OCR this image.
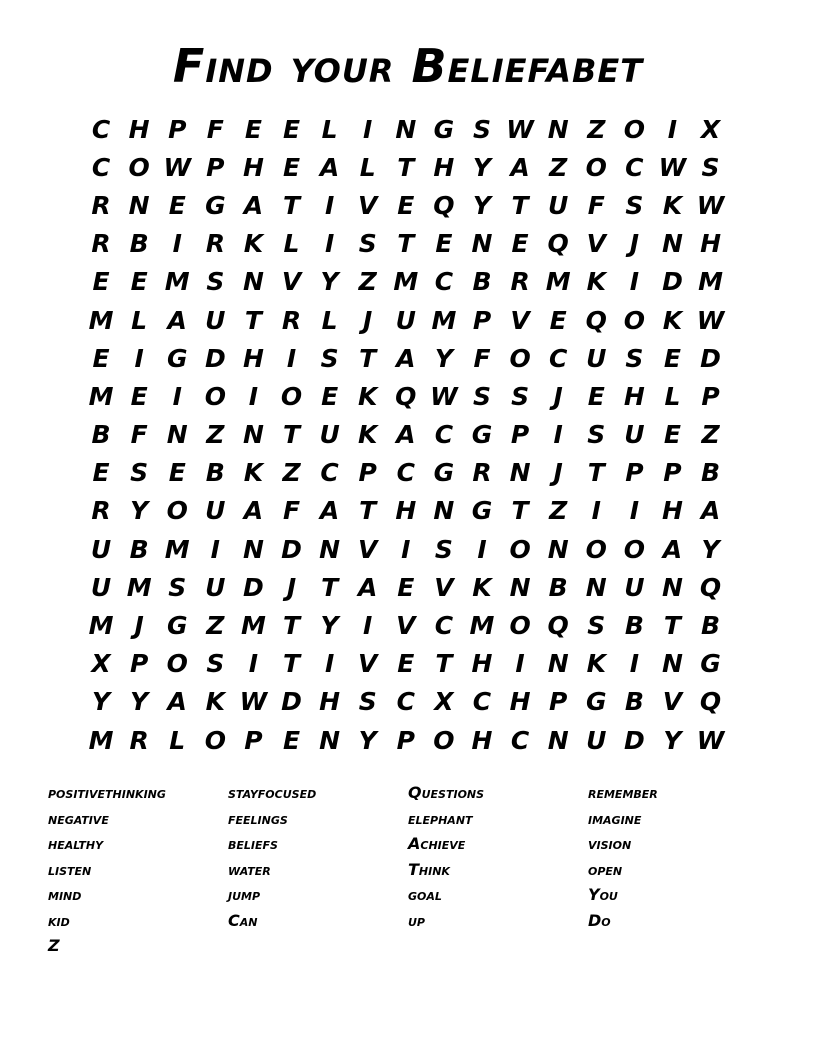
Find your Beliefabet
C H P F E E L	I N G S W N Z O I X
C O W P H E A L T H Y A Z O C W S
R N E G A T I V E Q Y T U F S K W
R B I R K L	I S T E N E Q V J N H
E E M S N V Y Z M C B R M K I D M
M L A U T R L	J U M P V E Q O K W
E I G D H I S T A Y F O C U S E D
M E I O I O E K Q W S S J E H L P
B F N Z N T U K A C G P I S U E Z
E S E B K Z C P C G R N J T P P B
R Y O U A F A T H N G T Z I	I H A
U B M I N D N V I S I O N O O A Y
U M S U D J T A E V K N B N U N Q
M J G Z M T Y I V C M O Q S B T B
X P O S I T I V E T H I N K I N G
Y Y A K W D H S C X C H P G B V Q
M R L O P E N Y P O H C N U D Y W
positivethinking	stayfocused	Questions	remember
negative	feelings	elephant	imagine
healthy	beliefs	Achieve	vision
listen	water	Think	open
mind	jump	goal	You
kid	Can	up	Do
Z
